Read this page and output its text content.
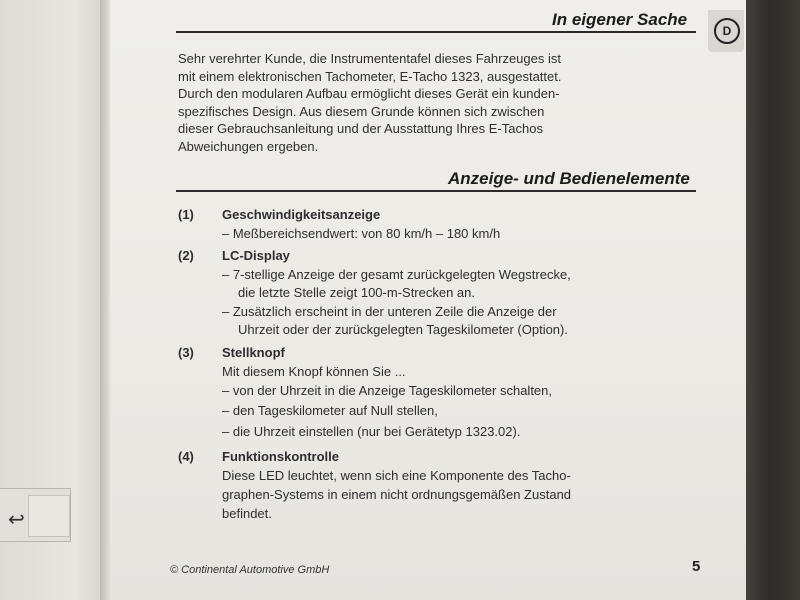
↩
D
In eigener Sache
Sehr verehrter Kunde, die Instrumententafel dieses Fahrzeuges ist
mit einem elektronischen Tachometer, E-Tacho 1323, ausgestattet.
Durch den modularen Aufbau ermöglicht dieses Gerät ein kunden-
spezifisches Design. Aus diesem Grunde können sich zwischen
dieser Gebrauchsanleitung und der Ausstattung Ihres E-Tachos
Abweichungen ergeben.
Anzeige- und Bedienelemente
(1) Geschwindigkeitsanzeige
– Meßbereichsendwert: von 80 km/h – 180 km/h
(2) LC-Display
– 7-stellige Anzeige der gesamt zurückgelegten Wegstrecke,
die letzte Stelle zeigt 100-m-Strecken an.
– Zusätzlich erscheint in der unteren Zeile die Anzeige der
Uhrzeit oder der zurückgelegten Tageskilometer (Option).
(3) Stellknopf
Mit diesem Knopf können Sie ...
– von der Uhrzeit in die Anzeige Tageskilometer schalten,
– den Tageskilometer auf Null stellen,
– die Uhrzeit einstellen (nur bei Gerätetyp 1323.02).
(4) Funktionskontrolle
Diese LED leuchtet, wenn sich eine Komponente des Tacho-
graphen-Systems in einem nicht ordnungsgemäßen Zustand
befindet.
© Continental Automotive GmbH	5
